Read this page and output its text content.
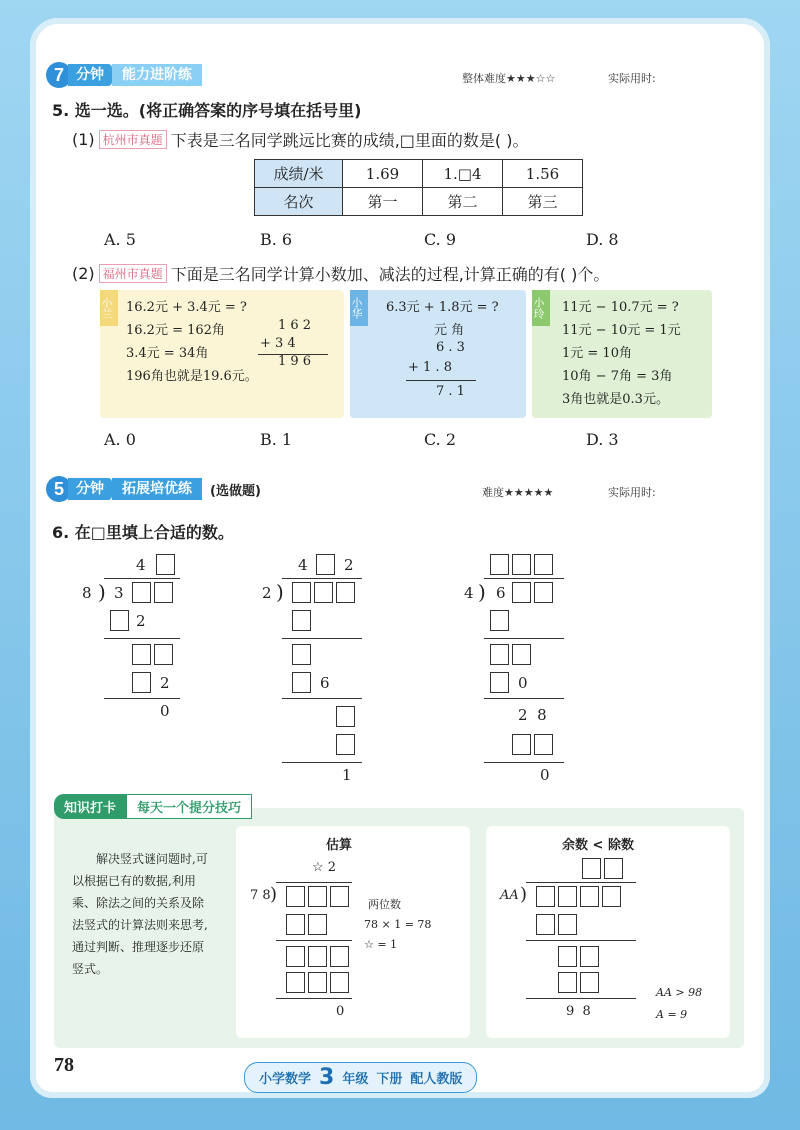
7 分钟	能力进阶练	整体难度★★★☆☆	实际用时:
5. 选一选。(将正确答案的序号填在括号里)
(1) 杭州市真题 下表是三名同学跳远比赛的成绩,□里面的数是( )。
成绩/米	1.69	1.□4	1.56
名次	第一	第二	第三
A. 5	B. 6	C. 9	D. 8
(2) 福州市真题 下面是三名同学计算小数加、减法的过程,计算正确的有( )个。
小兰	16.2元 + 3.4元 = ?
16.2元 = 162角
3.4元 = 34角
196角也就是19.6元。
1 6 2
+ 3 4
1 9 6
小华	6.3元 + 1.8元 = ?
元 角
6 . 3
+ 1 . 8
7 . 1
小玲	11元 − 10.7元 = ?
11元 − 10元 = 1元
1元 = 10角
10角 − 7角 = 3角
3角也就是0.3元。
A. 0	B. 1	C. 2	D. 3
5 分钟	拓展培优练	(选做题)	难度★★★★★	实际用时:
6. 在□里填上合适的数。
4
8 ) 3
2
2
0
4 2
2 )
6
1
4 ) 6
0
2  8
0
知识打卡	每天一个提分技巧
解决竖式谜问题时,可以根据已有的数据,利用乘、除法之间的关系及除法竖式的计算法则来思考,通过判断、推理逐步还原竖式。
估算
☆ 2
7 8 )	两位数
78 × 1 = 78
☆ = 1
0
余数 < 除数
AA )
9  8
AA > 98
A = 9
78
小学数学 3 年级 下册 配人教版
